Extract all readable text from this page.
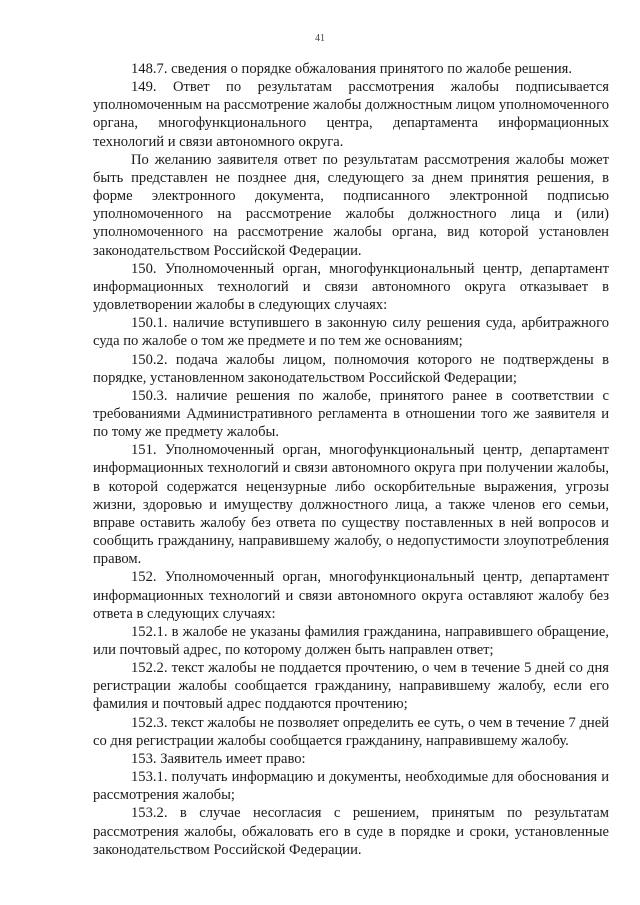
41

148.7. сведения о порядке обжалования принятого по жалобе решения.

149. Ответ по результатам рассмотрения жалобы подписывается уполномоченным на рассмотрение жалобы должностным лицом уполномоченного органа, многофункционального центра, департамента информационных технологий и связи автономного округа.

По желанию заявителя ответ по результатам рассмотрения жалобы может быть представлен не позднее дня, следующего за днем принятия решения, в форме электронного документа, подписанного электронной подписью уполномоченного на рассмотрение жалобы должностного лица и (или) уполномоченного на рассмотрение жалобы органа, вид которой установлен законодательством Российской Федерации.

150. Уполномоченный орган, многофункциональный центр, департамент информационных технологий и связи автономного округа отказывает в удовлетворении жалобы в следующих случаях:

150.1. наличие вступившего в законную силу решения суда, арбитражного суда по жалобе о том же предмете и по тем же основаниям;

150.2. подача жалобы лицом, полномочия которого не подтверждены в порядке, установленном законодательством Российской Федерации;

150.3. наличие решения по жалобе, принятого ранее в соответствии с требованиями Административного регламента в отношении того же заявителя и по тому же предмету жалобы.

151. Уполномоченный орган, многофункциональный центр, департамент информационных технологий и связи автономного округа при получении жалобы, в которой содержатся нецензурные либо оскорбительные выражения, угрозы жизни, здоровью и имуществу должностного лица, а также членов его семьи, вправе оставить жалобу без ответа по существу поставленных в ней вопросов и сообщить гражданину, направившему жалобу, о недопустимости злоупотребления правом.

152. Уполномоченный орган, многофункциональный центр, департамент информационных технологий и связи автономного округа оставляют жалобу без ответа в следующих случаях:

152.1. в жалобе не указаны фамилия гражданина, направившего обращение, или почтовый адрес, по которому должен быть направлен ответ;

152.2. текст жалобы не поддается прочтению, о чем в течение 5 дней со дня регистрации жалобы сообщается гражданину, направившему жалобу, если его фамилия и почтовый адрес поддаются прочтению;

152.3. текст жалобы не позволяет определить ее суть, о чем в течение 7 дней со дня регистрации жалобы сообщается гражданину, направившему жалобу.

153. Заявитель имеет право:

153.1. получать информацию и документы, необходимые для обоснования и рассмотрения жалобы;

153.2. в случае несогласия с решением, принятым по результатам рассмотрения жалобы, обжаловать его в суде в порядке и сроки, установленные законодательством Российской Федерации.
